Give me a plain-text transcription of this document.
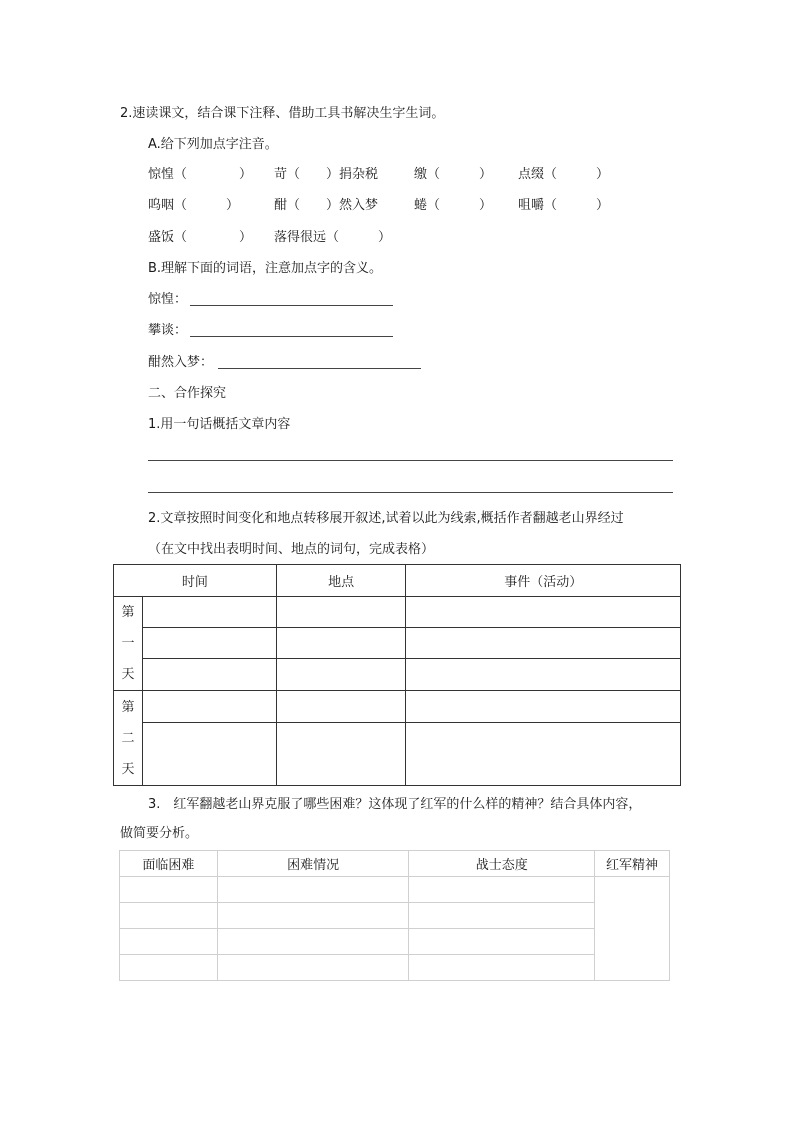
2.速读课文，结合课下注释、借助工具书解决生字生词。
A.给下列加点字注音。
惊惶（　　　　） 苛（　　）捐杂税	缴（　　　） 点缀（　　　）
呜咽（　　　）	酣（　　）然入梦	蜷（　　　） 咀嚼（　　　）
盛饭（　　　　） 落得很远（　　　）
B.理解下面的词语，注意加点字的含义。
惊惶：
攀谈：
酣然入梦：
二、合作探究
1.用一句话概括文章内容
2.文章按照时间变化和地点转移展开叙述,试着以此为线索,概括作者翻越老山界经过
（在文中找出表明时间、地点的词句，完成表格）
时间		地点	事件（活动）

第
一
天			

第
二
天			

3.　红军翻越老山界克服了哪些困难？这体现了红军的什么样的精神？结合具体内容，
做简要分析。
面临困难	困难情况	战士态度	红军精神
